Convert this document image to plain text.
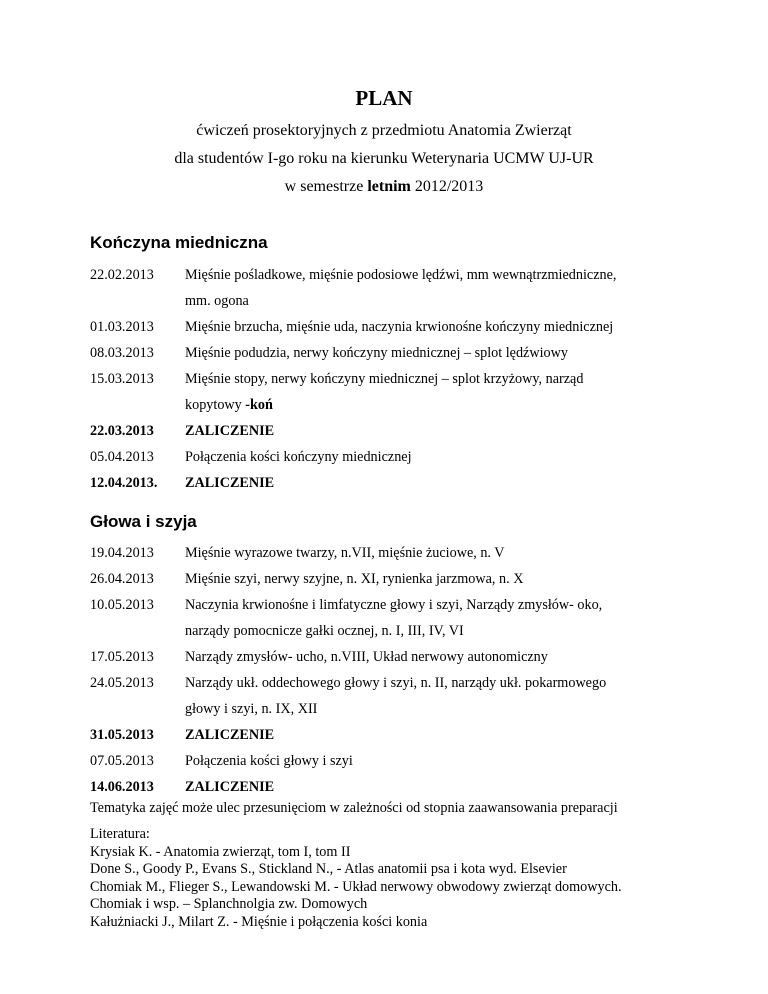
PLAN
ćwiczeń prosektoryjnych z przedmiotu Anatomia Zwierząt
dla studentów I-go roku na kierunku Weterynaria UCMW UJ-UR
w semestrze letnim 2012/2013
Kończyna miedniczna
22.02.2013	Mięśnie pośladkowe, mięśnie podosiowe lędźwi, mm wewnątrzmiedniczne,
mm. ogona
01.03.2013	Mięśnie brzucha, mięśnie uda, naczynia krwionośne kończyny miednicznej
08.03.2013	Mięśnie podudzia, nerwy kończyny miednicznej – splot lędźwiowy
15.03.2013	Mięśnie stopy, nerwy kończyny miednicznej – splot krzyżowy, narząd
kopytowy -koń
22.03.2013	ZALICZENIE
05.04.2013	Połączenia kości kończyny miednicznej
12.04.2013.	ZALICZENIE
Głowa i szyja
19.04.2013	Mięśnie wyrazowe twarzy, n.VII, mięśnie żuciowe, n. V
26.04.2013	Mięśnie szyi, nerwy szyjne, n. XI, rynienka jarzmowa, n. X
10.05.2013	Naczynia krwionośne i limfatyczne głowy i szyi, Narządy zmysłów- oko,
narządy pomocnicze gałki ocznej, n. I, III, IV, VI
17.05.2013	Narządy zmysłów- ucho, n.VIII, Układ nerwowy autonomiczny
24.05.2013	Narządy ukł. oddechowego głowy i szyi, n. II, narządy ukł. pokarmowego
głowy i szyi, n. IX, XII
31.05.2013	ZALICZENIE
07.05.2013	Połączenia kości głowy i szyi
14.06.2013	ZALICZENIE
Tematyka zajęć może ulec przesunięciom w zależności od stopnia zaawansowania preparacji
Literatura:
Krysiak K. - Anatomia zwierząt, tom I, tom II
Done S., Goody P., Evans S., Stickland N., - Atlas anatomii psa i kota wyd. Elsevier
Chomiak M., Flieger S., Lewandowski M. - Układ nerwowy obwodowy zwierząt domowych.
Chomiak i wsp. – Splanchnolgia zw. Domowych
Kałużniacki J., Milart Z. - Mięśnie i połączenia kości konia
